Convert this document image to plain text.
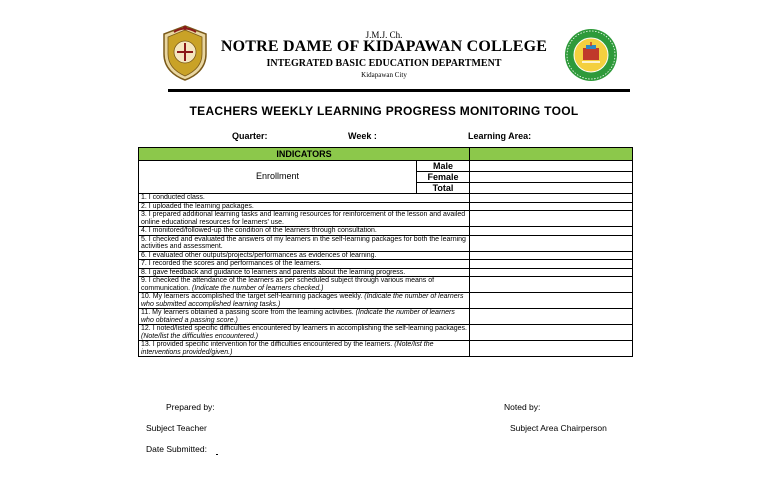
J.M.J. Ch.
NOTRE DAME OF KIDAPAWAN COLLEGE
INTEGRATED BASIC EDUCATION DEPARTMENT
Kidapawan City
TEACHERS WEEKLY LEARNING PROGRESS MONITORING TOOL
Quarter:	Week :	Learning Area:
INDICATORS		
Enrollment	Male	
	Female	
	Total	
1. I conducted class.		
2. I uploaded the learning packages.		
3. I prepared additional learning tasks and learning resources for reinforcement of the lesson and availed online educational resources for learners' use.		
4. I monitored/followed-up the condition of the learners through consultation.		
5. I checked and evaluated the answers of my learners in the self-learning packages for both the learning activities and assessment.		
6. I evaluated other outputs/projects/performances as evidences of learning.		
7. I recorded the scores and performances of the learners.		
8. I gave feedback and guidance to learners and parents about the learning progress.		
9. I checked the attendance of the learners as per scheduled subject through various means of communication. (Indicate the number of learners checked.)		
10. My learners accomplished the target self-learning packages weekly. (Indicate the number of learners who submitted accomplished learning tasks.)		
11. My learners obtained a passing score from the learning activities. (Indicate the number of learners who obtained a passing score.)		
12. I noted/listed specific difficulties encountered by learners in accomplishing the self-learning packages. (Note/list the difficulties encountered.)		
13. I provided specific intervention for the difficulties encountered by the learners. (Note/list the interventions provided/given.)		
Prepared by:	Noted by:
Subject Teacher	Subject Area Chairperson
Date Submitted:
